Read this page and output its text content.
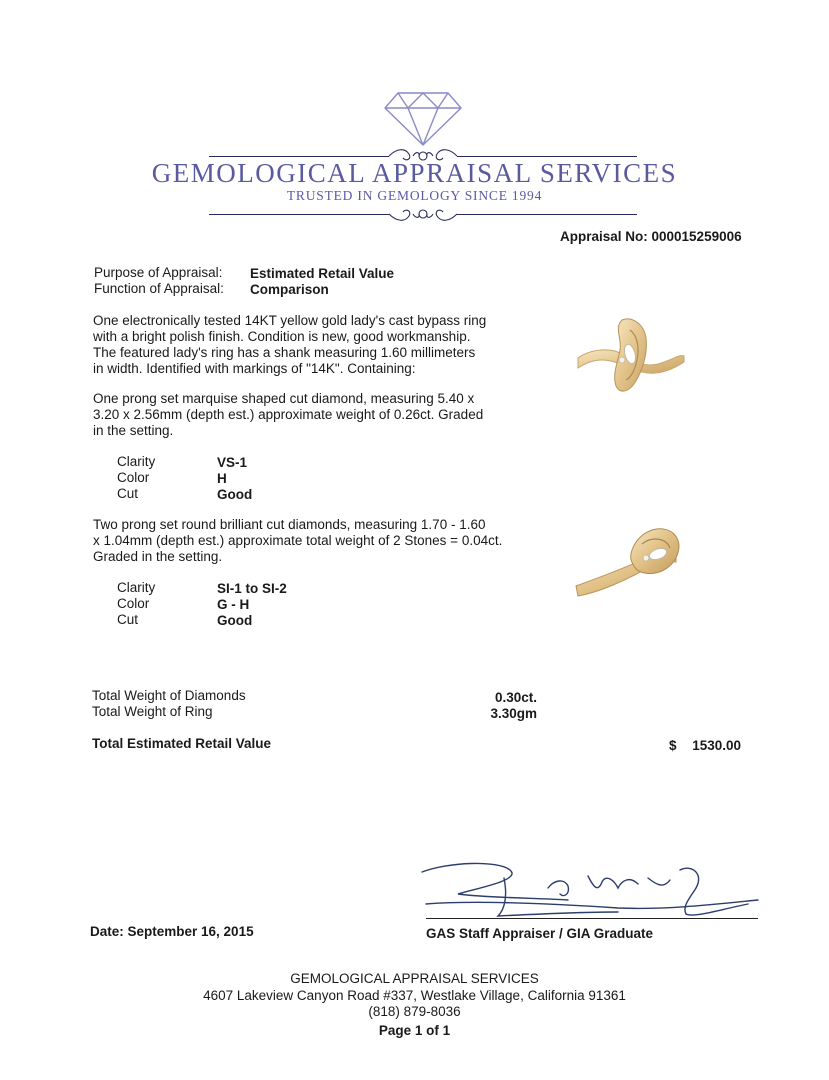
GEMOLOGICAL APPRAISAL SERVICES
TRUSTED IN GEMOLOGY SINCE 1994
Appraisal No: 000015259006
Purpose of Appraisal: Estimated Retail Value
Function of Appraisal: Comparison
One electronically tested 14KT yellow gold lady's cast bypass ring
with a bright polish finish. Condition is new, good workmanship.
The featured lady's ring has a shank measuring 1.60 millimeters
in width. Identified with markings of "14K". Containing:
One prong set marquise shaped cut diamond, measuring 5.40 x
3.20 x 2.56mm (depth est.) approximate weight of 0.26ct. Graded
in the setting.
Clarity	VS-1
Color	H
Cut	Good
Two prong set round brilliant cut diamonds, measuring 1.70 - 1.60
x 1.04mm (depth est.) approximate total weight of 2 Stones = 0.04ct.
Graded in the setting.
Clarity	SI-1 to SI-2
Color	G - H
Cut	Good
Total Weight of Diamonds	0.30ct.
Total Weight of Ring	3.30gm
Total Estimated Retail Value	$	1530.00
Date: September 16, 2015	GAS Staff Appraiser / GIA Graduate
GEMOLOGICAL APPRAISAL SERVICES
4607 Lakeview Canyon Road #337, Westlake Village, California 91361
(818) 879-8036
Page 1 of 1
